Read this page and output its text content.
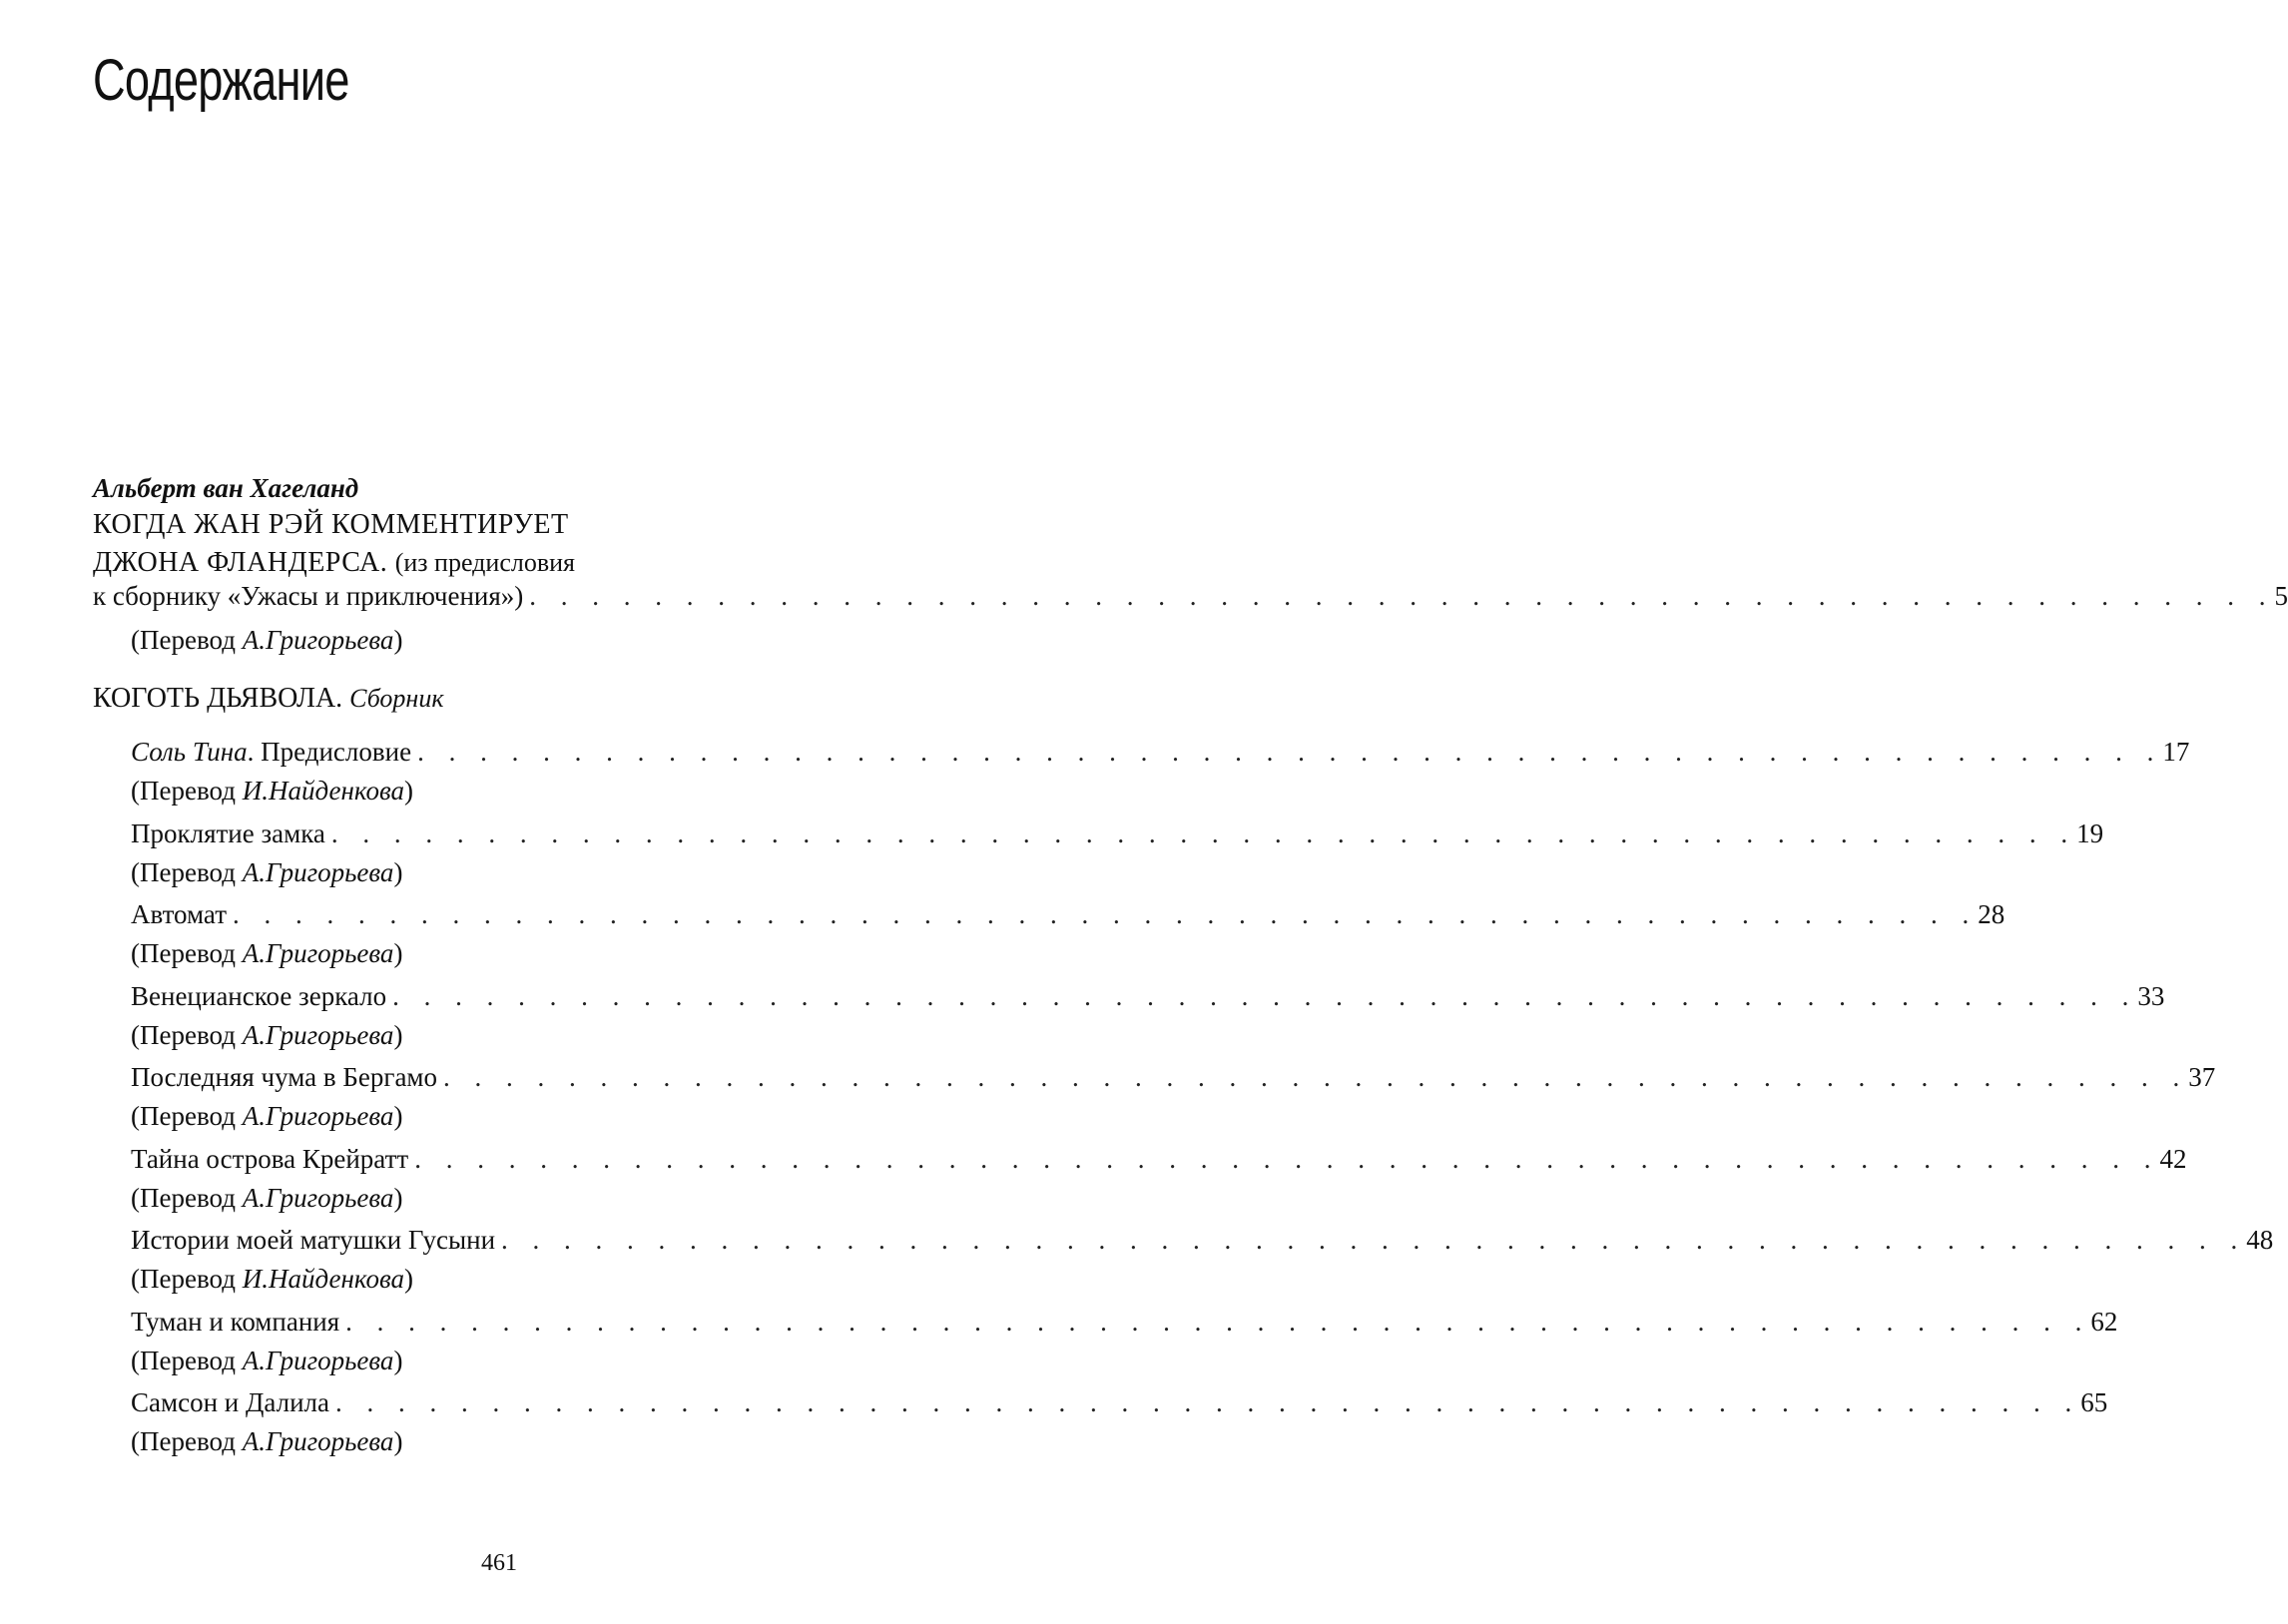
Содержание
Альберт ван Хагеланд
КОГДА ЖАН РЭЙ КОММЕНТИРУЕТ
ДЖОНА ФЛАНДЕРСА. (из предисловия
к сборнику «Ужасы и приключения») . . . . . . . . . . . . . . . . . . . . . . . . . . . . . . . . . . . . . . . . . . . . . . . . . . . . . . . . 5
(Перевод А.Григорьева)
КОГОТЬ ДЬЯВОЛА. Сборник
Соль Тина. Предисловие . . . . . . . . . . . . . . . . . . . . . . . . . . . . . . . . . . . . . . . . . . . . . . . . . . . . . . . . 17
(Перевод И.Найденкова)
Проклятие замка . . . . . . . . . . . . . . . . . . . . . . . . . . . . . . . . . . . . . . . . . . . . . . . . . . . . . . . . 19
(Перевод А.Григорьева)
Автомат . . . . . . . . . . . . . . . . . . . . . . . . . . . . . . . . . . . . . . . . . . . . . . . . . . . . . . . . 28
(Перевод А.Григорьева)
Венецианское зеркало . . . . . . . . . . . . . . . . . . . . . . . . . . . . . . . . . . . . . . . . . . . . . . . . . . . . . . . . 33
(Перевод А.Григорьева)
Последняя чума в Бергамо . . . . . . . . . . . . . . . . . . . . . . . . . . . . . . . . . . . . . . . . . . . . . . . . . . . . . . . . 37
(Перевод А.Григорьева)
Тайна острова Крейратт . . . . . . . . . . . . . . . . . . . . . . . . . . . . . . . . . . . . . . . . . . . . . . . . . . . . . . . . 42
(Перевод А.Григорьева)
Истории моей матушки Гусыни . . . . . . . . . . . . . . . . . . . . . . . . . . . . . . . . . . . . . . . . . . . . . . . . . . . . . . . . 48
(Перевод И.Найденкова)
Туман и компания . . . . . . . . . . . . . . . . . . . . . . . . . . . . . . . . . . . . . . . . . . . . . . . . . . . . . . . . 62
(Перевод А.Григорьева)
Самсон и Далила . . . . . . . . . . . . . . . . . . . . . . . . . . . . . . . . . . . . . . . . . . . . . . . . . . . . . . . . 65
(Перевод А.Григорьева)
461
